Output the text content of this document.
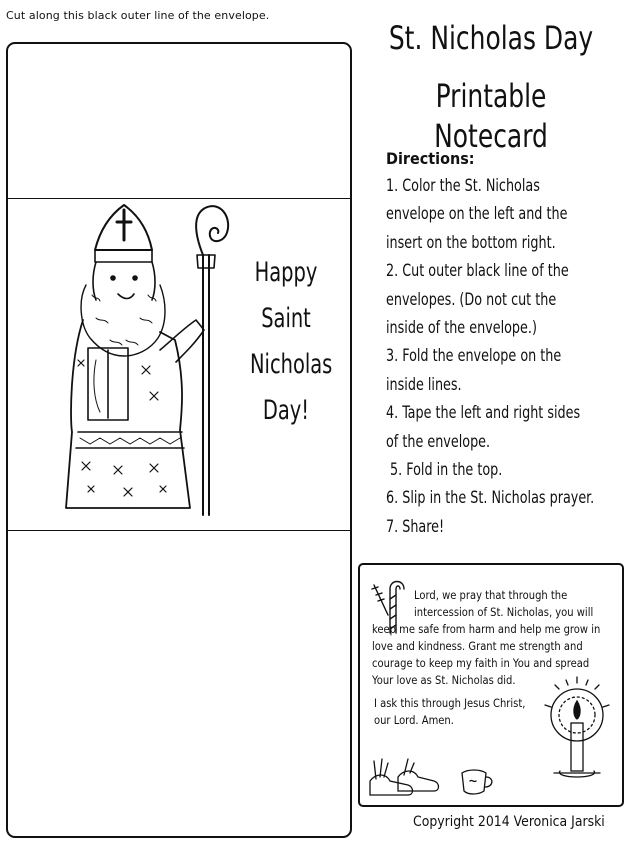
Cut along this black outer line of the envelope.
Happy
Saint
Nicholas
Day!
St. Nicholas Day
Printable Notecard
Directions:
1. Color the St. Nicholas
envelope on the left and the
insert on the bottom right.
2. Cut outer black line of the
envelopes. (Do not cut the
inside of the envelope.)
3. Fold the envelope on the
inside lines.
4. Tape the left and right sides
of the envelope.
5. Fold in the top.
6. Slip in the St. Nicholas prayer.
7. Share!
Lord, we pray that through the
intercession of St. Nicholas, you will
keep me safe from harm and help me grow in
love and kindness. Grant me strength and
courage to keep my faith in You and spread
Your love as St. Nicholas did.
I ask this through Jesus Christ,
our Lord. Amen.
Copyright 2014 Veronica Jarski
